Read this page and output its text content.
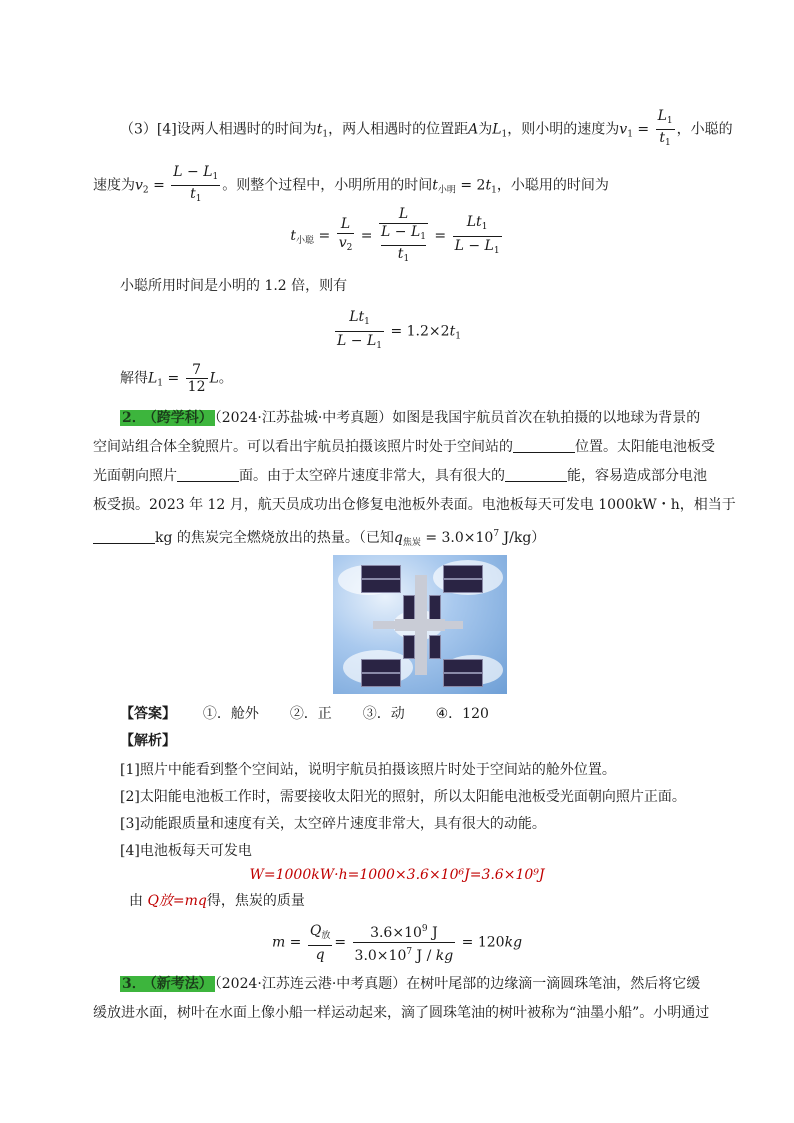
（3）[4]设两人相遇时的时间为$t_1$，两人相遇时的位置距A为$L_1$，则小明的速度为$v_1 = \frac{L_1}{t_1}$ ，小聪的
速度为$v_2 = \frac{L - L_1}{t_1}$ 。则整个过程中，小明所用的时间$t_{小明} = 2t_1$，小聪用的时间为
$t_{小聪} = \frac{L}{v_2} = \frac{L}{\frac{L - L_1}{t_1}} = \frac{Lt_1}{L - L_1}$
小聪所用时间是小明的 1.2 倍，则有
$\frac{Lt_1}{L - L_1} = 1.2\times 2t_1$
解得$L_1 = \frac{7}{12}$ L。
2． （跨学科） （2024·江苏盐城·中考真题）如图是我国宇航员首次在轨拍摄的以地球为背景的
空间站组合体全貌照片。可以看出宇航员拍摄该照片时处于空间站的	位置。太阳能电池板受
光面朝向照片	面。由于太空碎片速度非常大，具有很大的	能，容易造成部分电池
板受损。2023 年 12 月，航天员成功出仓修复电池板外表面。电池板每天可发电 1000kW・h，相当于
kg 的焦炭完全燃烧放出的热量。（已知$q_{焦炭} = 3.0\times 10^7$ J/kg）
【答案】 ①．舱外 ②．正 ③．动 ④．120
【解析】
[1]照片中能看到整个空间站，说明宇航员拍摄该照片时处于空间站的舱外位置。
[2]太阳能电池板工作时，需要接收太阳光的照射，所以太阳能电池板受光面朝向照片正面。
[3]动能跟质量和速度有关，太空碎片速度非常大，具有很大的动能。
[4]电池板每天可发电
W=1000kW·h=1000×3.6×10⁶J=3.6×10⁹J
由 Q放=mq得，焦炭的质量
$m = \frac{Q_放}{q} = \frac{3.6\times 10^9 J}{3.0\times 10^7 J / kg} = 120kg$
3． （新考法） （2024·江苏连云港·中考真题）在树叶尾部的边缘滴一滴圆珠笔油，然后将它缓
缓放进水面，树叶在水面上像小船一样运动起来，滴了圆珠笔油的树叶被称为“油墨小船”。小明通过
